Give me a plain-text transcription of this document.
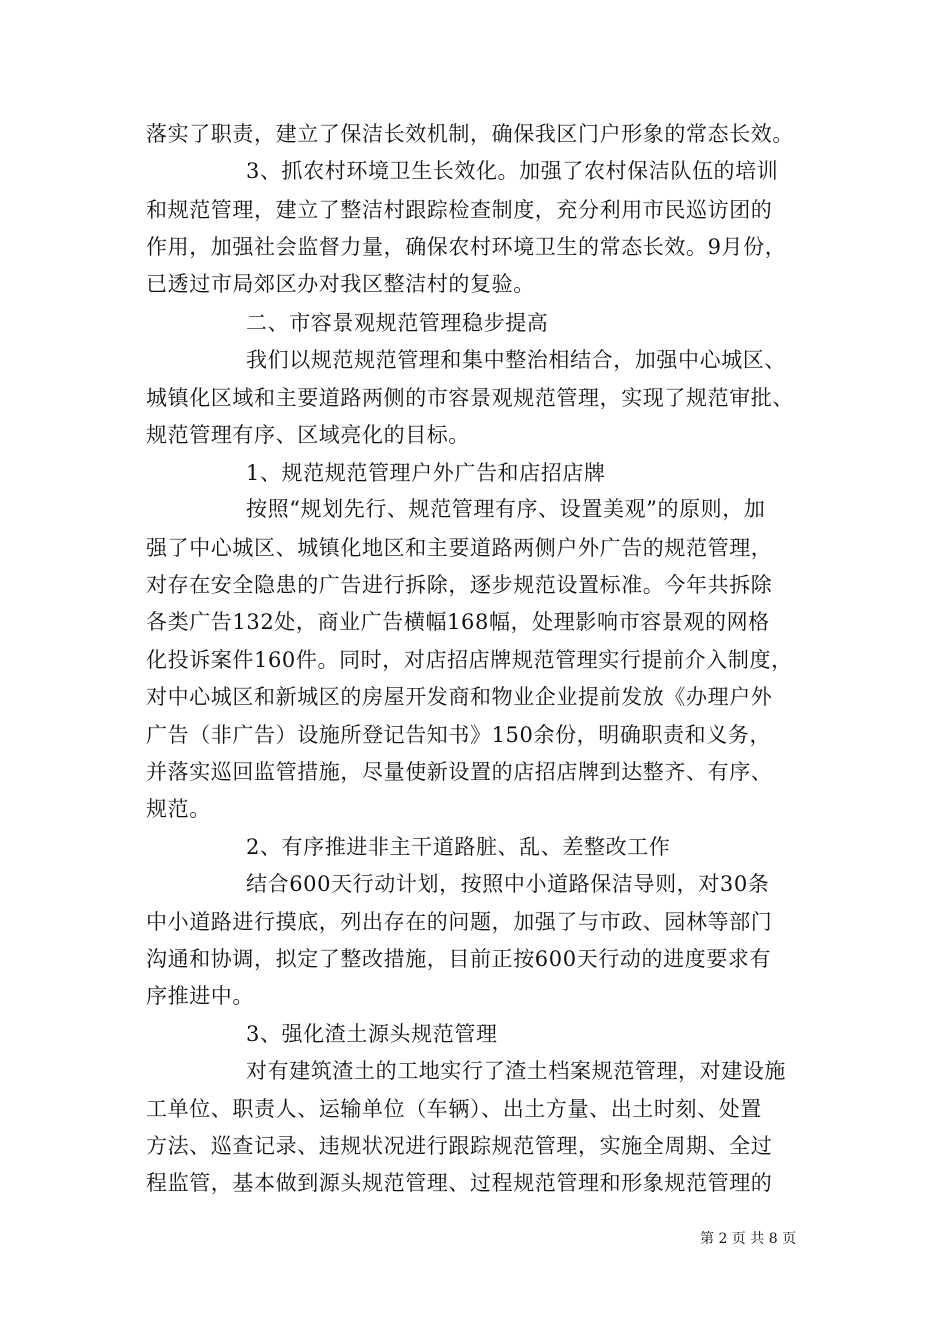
落实了职责，建立了保洁长效机制，确保我区门户形象的常态长效。
3、抓农村环境卫生长效化。加强了农村保洁队伍的培训
和规范管理，建立了整洁村跟踪检查制度，充分利用市民巡访团的
作用，加强社会监督力量，确保农村环境卫生的常态长效。9月份，
已透过市局郊区办对我区整洁村的复验。
二、市容景观规范管理稳步提高
我们以规范规范管理和集中整治相结合，加强中心城区、
城镇化区域和主要道路两侧的市容景观规范管理，实现了规范审批、
规范管理有序、区域亮化的目标。
1、规范规范管理户外广告和店招店牌
按照“规划先行、规范管理有序、设置美观”的原则，加
强了中心城区、城镇化地区和主要道路两侧户外广告的规范管理，
对存在安全隐患的广告进行拆除，逐步规范设置标准。今年共拆除
各类广告132处，商业广告横幅168幅，处理影响市容景观的网格
化投诉案件160件。同时，对店招店牌规范管理实行提前介入制度，
对中心城区和新城区的房屋开发商和物业企业提前发放《办理户外
广告（非广告）设施所登记告知书》150余份，明确职责和义务，
并落实巡回监管措施，尽量使新设置的店招店牌到达整齐、有序、
规范。
2、有序推进非主干道路脏、乱、差整改工作
结合600天行动计划，按照中小道路保洁导则，对30条
中小道路进行摸底，列出存在的问题，加强了与市政、园林等部门
沟通和协调，拟定了整改措施，目前正按600天行动的进度要求有
序推进中。
3、强化渣土源头规范管理
对有建筑渣土的工地实行了渣土档案规范管理，对建设施
工单位、职责人、运输单位（车辆）、出土方量、出土时刻、处置
方法、巡查记录、违规状况进行跟踪规范管理，实施全周期、全过
程监管，基本做到源头规范管理、过程规范管理和形象规范管理的
第 2 页 共 8 页
